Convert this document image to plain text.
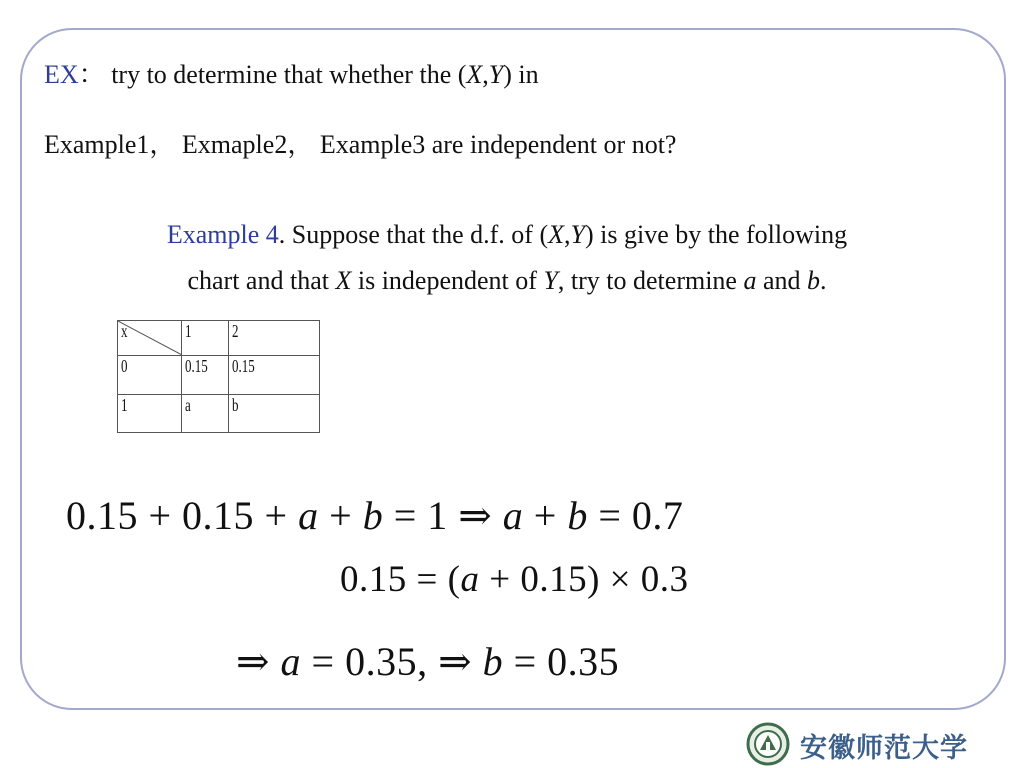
EX： try to determine that whether the (X,Y) in
Example1， Exmaple2， Example3 are independent or not?
Example 4. Suppose that the d.f. of (X,Y) is give by the following
chart and that X is independent of Y, try to determine a and b.
x	1	2
0	0.15	0.15
1	a	b
0.15 + 0.15 + a + b = 1 ⇒ a + b = 0.7
0.15 = (a + 0.15) × 0.3
⇒ a = 0.35, ⇒ b = 0.35
安徽师范大学
